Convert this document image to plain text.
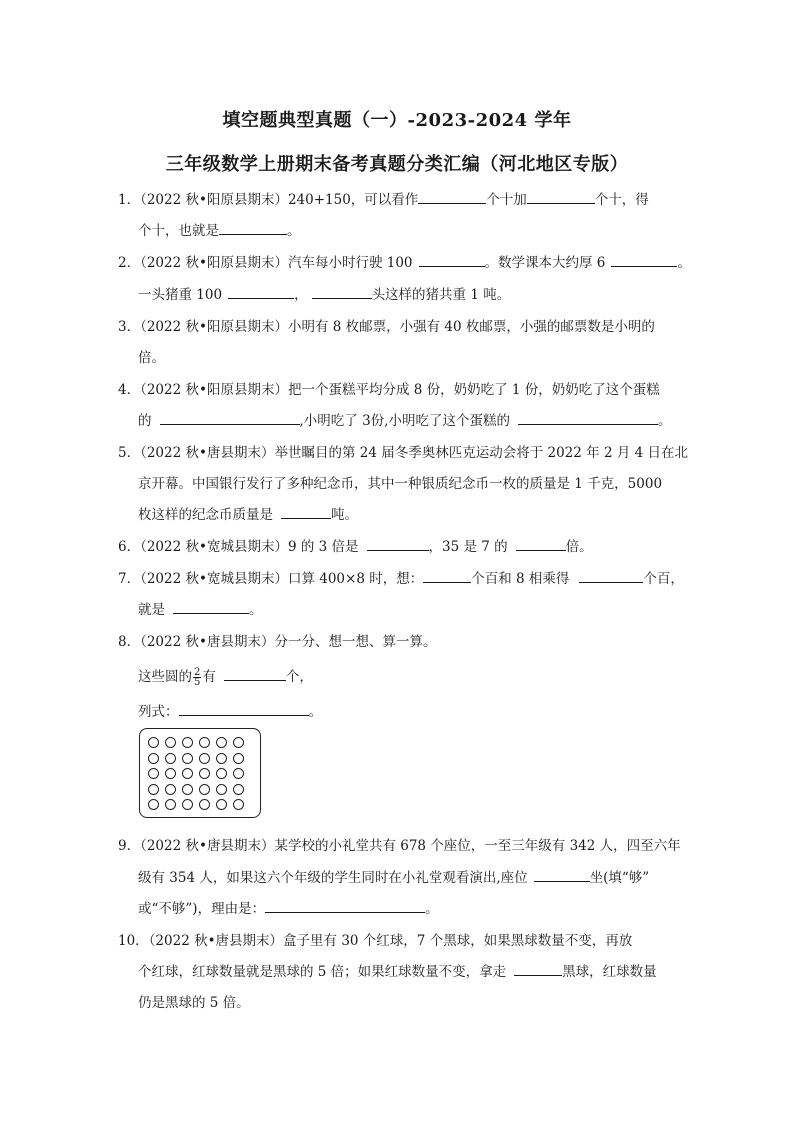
填空题典型真题（一）-2023-2024 学年
三年级数学上册期末备考真题分类汇编（河北地区专版）
1．（2022 秋•阳原县期末）240+150，可以看作	个十加	个十，得
个十，也就是	。
2．（2022 秋•阳原县期末）汽车每小时行驶 100	。数学课本大约厚 6	。
一头猪重 100	，	头这样的猪共重 1 吨。
3．（2022 秋•阳原县期末）小明有 8 枚邮票，小强有 40 枚邮票，小强的邮票数是小明的
倍。
4．（2022 秋•阳原县期末）把一个蛋糕平均分成 8 份，奶奶吃了 1 份，奶奶吃了这个蛋糕
的	,小明吃了 3份,小明吃了这个蛋糕的	。
5．（2022 秋•唐县期末）举世瞩目的第 24 届冬季奥林匹克运动会将于 2022 年 2 月 4 日在北
京开幕。中国银行发行了多种纪念币，其中一种银质纪念币一枚的质量是 1 千克，5000
枚这样的纪念币质量是	吨。
6．（2022 秋•宽城县期末）9 的 3 倍是	，35 是 7 的	倍。
7．（2022 秋•宽城县期末）口算 400×8 时，想：	个百和 8 相乘得	个百，
就是	。
8．（2022 秋•唐县期末）分一分、想一想、算一算。
这些圆的 $\frac{2}{5}$ 有	个，
列式：	。
9．（2022 秋•唐县期末）某学校的小礼堂共有 678 个座位，一至三年级有 342 人，四至六年
级有 354 人，如果这六个年级的学生同时在小礼堂观看演出,座位	坐(填“够”
或“不够”)，理由是：	。
10．（2022 秋•唐县期末）盒子里有 30 个红球，7 个黑球，如果黑球数量不变，再放
个红球，红球数量就是黑球的 5 倍；如果红球数量不变，拿走	黑球，红球数量
仍是黑球的 5 倍。
